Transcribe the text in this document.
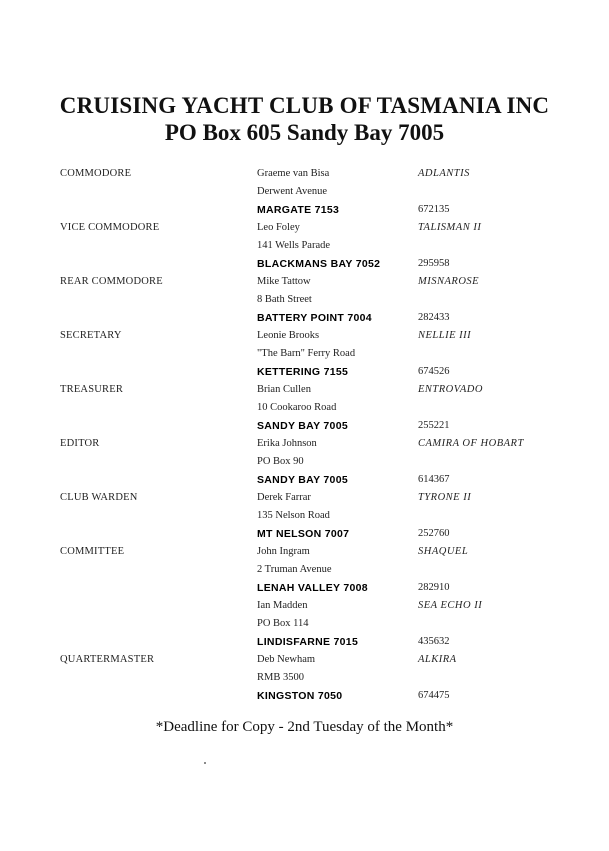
CRUISING YACHT CLUB OF TASMANIA INC
PO Box 605 Sandy Bay 7005
COMMODORE	Graeme van Bisa	ADLANTIS
Derwent Avenue
MARGATE 7153	672135
VICE COMMODORE	Leo Foley	TALISMAN II
141 Wells Parade
BLACKMANS BAY 7052	295958
REAR COMMODORE	Mike Tattow	MISNAROSE
8 Bath Street
BATTERY POINT 7004	282433
SECRETARY	Leonie Brooks	NELLIE III
"The Barn" Ferry Road
KETTERING 7155	674526
TREASURER	Brian Cullen	ENTROVADO
10 Cookaroo Road
SANDY BAY 7005	255221
EDITOR	Erika Johnson	CAMIRA OF HOBART
PO Box 90
SANDY BAY 7005	614367
CLUB WARDEN	Derek Farrar	TYRONE II
135 Nelson Road
MT NELSON 7007	252760
COMMITTEE	John Ingram	SHAQUEL
2 Truman Avenue
LENAH VALLEY 7008	282910
Ian Madden	SEA ECHO II
PO Box 114
LINDISFARNE 7015	435632
QUARTERMASTER	Deb Newham	ALKIRA
RMB 3500
KINGSTON 7050	674475
*Deadline for Copy - 2nd Tuesday of the Month*
